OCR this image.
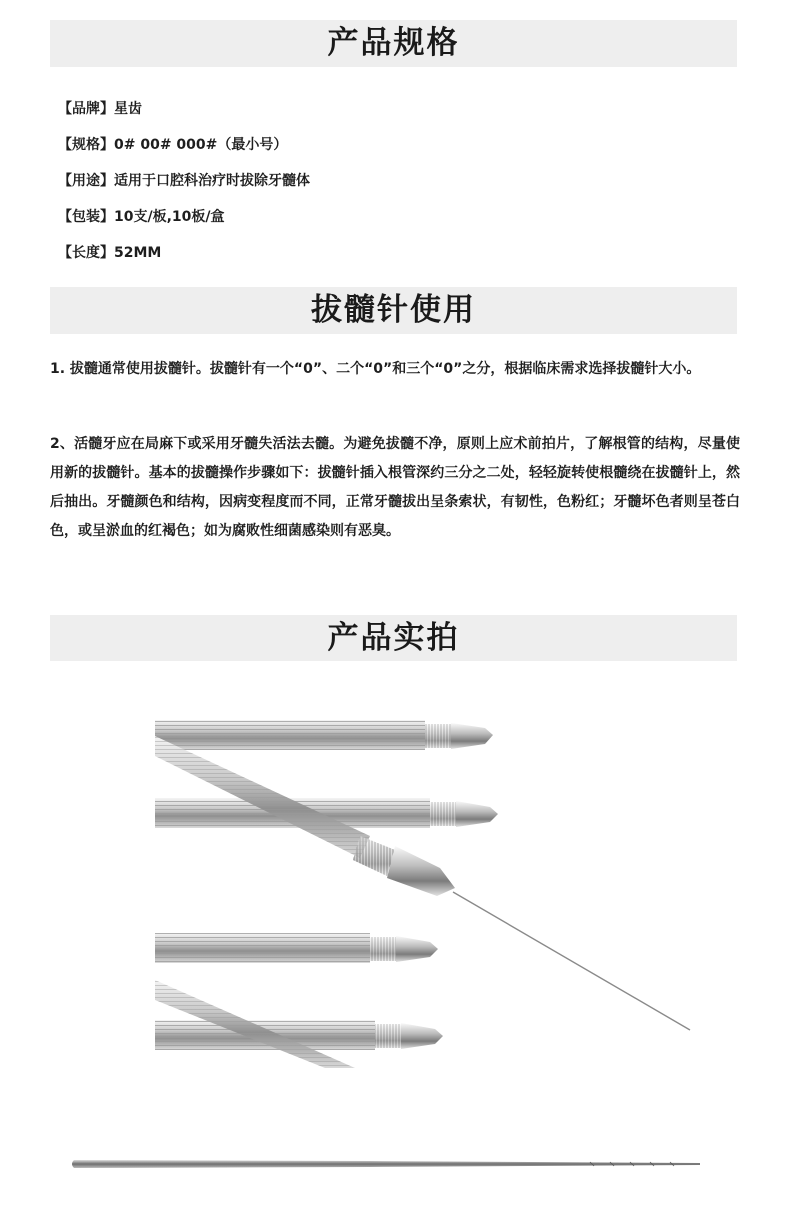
产品规格
【品牌】星齿
【规格】0# 00# 000#（最小号）
【用途】适用于口腔科治疗时拔除牙髓体
【包装】10支/板,10板/盒
【长度】52MM
拔髓针使用

1. 拔髓通常使用拔髓针。拔髓针有一个“0”、二个“0”和三个“0”之分，根据临床需求选择拔髓针大小。

2、活髓牙应在局麻下或采用牙髓失活法去髓。为避免拔髓不净，原则上应术前拍片，了解根管的结构，尽量使用新的拔髓针。基本的拔髓操作步骤如下：拔髓针插入根管深约三分之二处，轻轻旋转使根髓绕在拔髓针上，然后抽出。牙髓颜色和结构，因病变程度而不同，正常牙髓拔出呈条索状，有韧性，色粉红；牙髓坏色者则呈苍白色，或呈淤血的红褐色；如为腐败性细菌感染则有恶臭。

产品实拍
